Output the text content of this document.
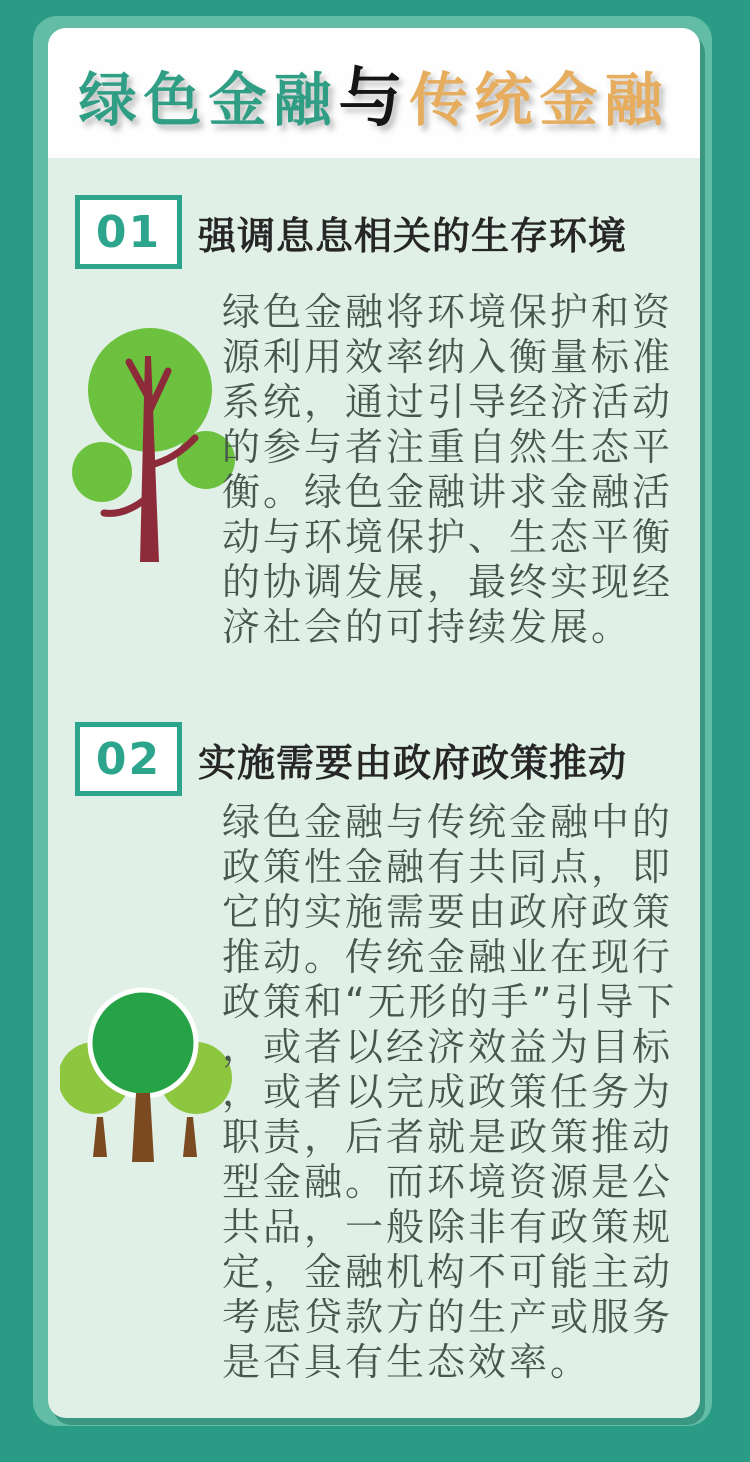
绿色金融与传统金融
01 强调息息相关的生存环境
绿色金融将环境保护和资源利用效率纳入衡量标准系统，通过引导经济活动的参与者注重自然生态平衡。绿色金融讲求金融活动与环境保护、生态平衡的协调发展，最终实现经济社会的可持续发展。
02 实施需要由政府政策推动
绿色金融与传统金融中的政策性金融有共同点，即它的实施需要由政府政策推动。传统金融业在现行政策和“无形的手”引导下，或者以经济效益为目标，或者以完成政策任务为职责，后者就是政策推动型金融。而环境资源是公共品，一般除非有政策规定，金融机构不可能主动考虑贷款方的生产或服务是否具有生态效率。
